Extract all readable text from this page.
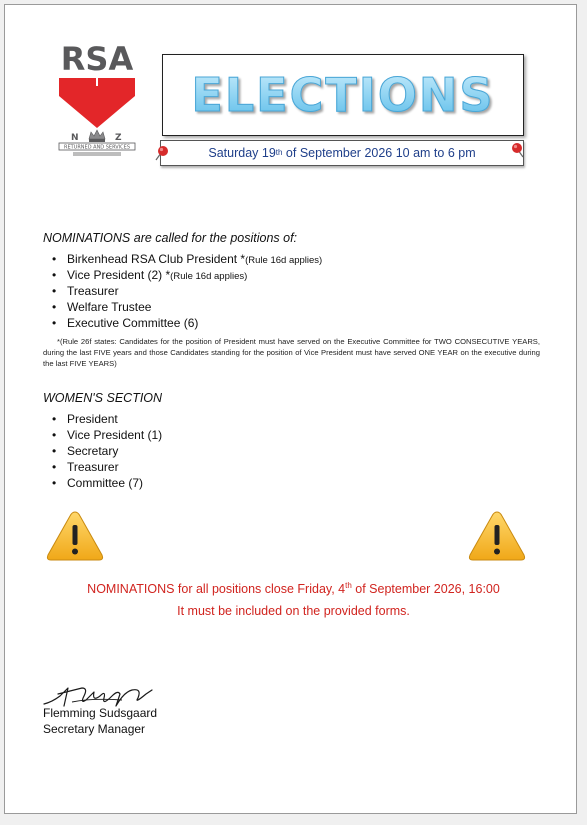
RSA
N	Z
RETURNED AND SERVICES
ELECTIONS
Saturday 19 th of September 2026 10 am to 6 pm
NOMINATIONS are called for the positions of:
• Birkenhead RSA Club President *(Rule 16d applies)
• Vice President (2) *(Rule 16d applies)
• Treasurer
• Welfare Trustee
• Executive Committee (6)
*(Rule 26f states: Candidates for the position of President must have served on the Executive Committee for TWO CONSECUTIVE YEARS, during the last FIVE years and those Candidates standing for the position of Vice President must have served ONE YEAR on the executive during the last FIVE YEARS)
WOMEN'S SECTION
• President
• Vice President (1)
• Secretary
• Treasurer
• Committee (7)
NOMINATIONS for all positions close Friday, 4th of September 2026, 16:00
It must be included on the provided forms.
Flemming Sudsgaard
Secretary Manager
